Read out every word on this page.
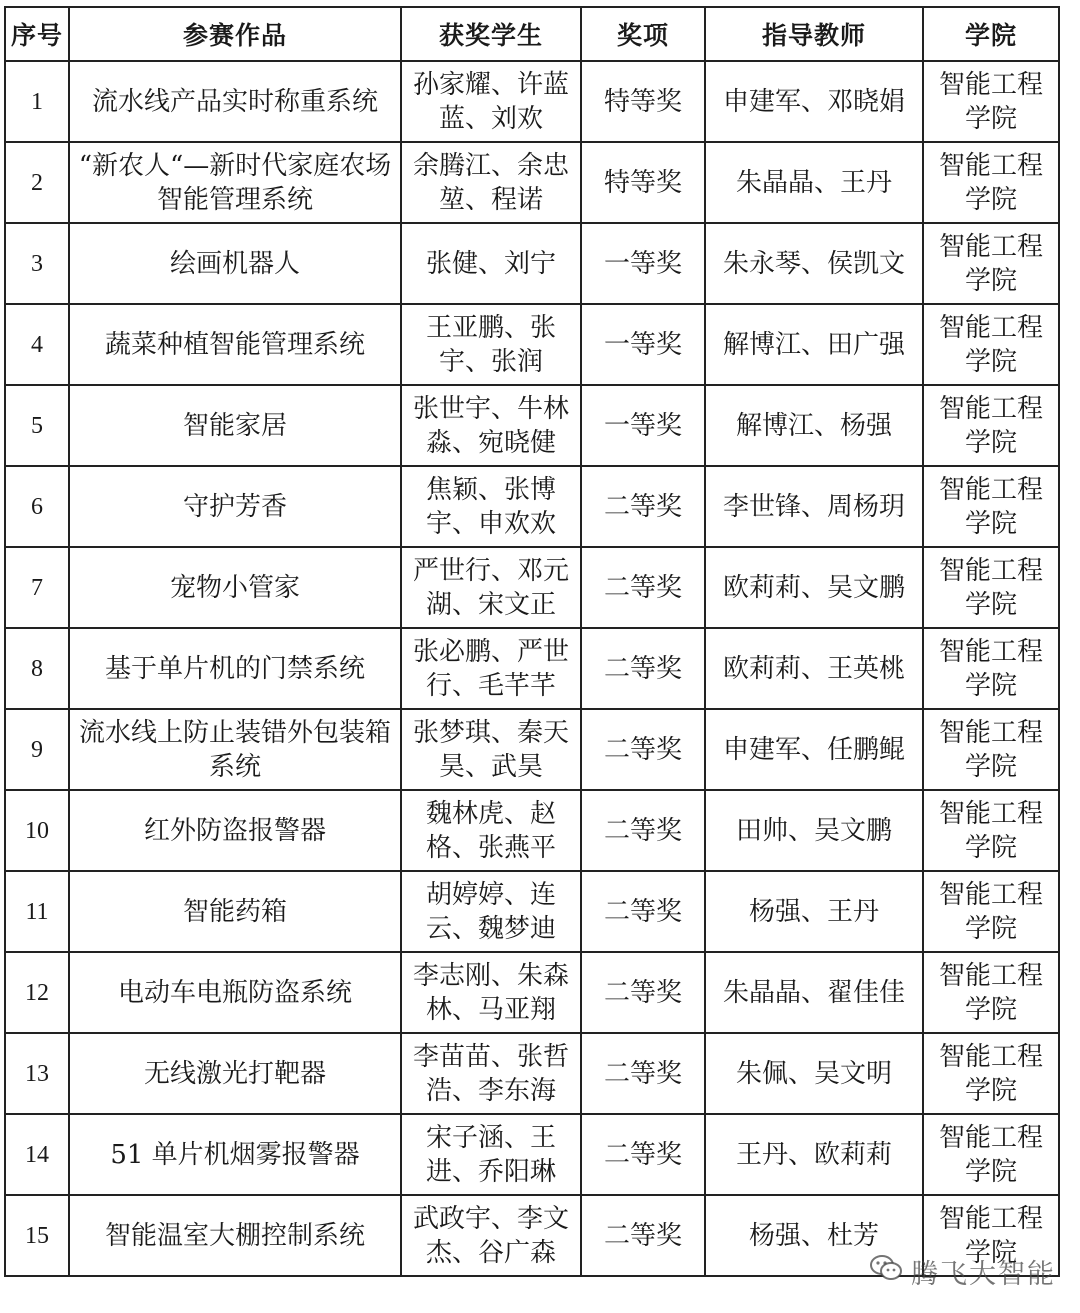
序号	参赛作品	获奖学生	奖项	指导教师	学院
1	流水线产品实时称重系统	孙家耀、许蓝蓝、刘欢	特等奖	申建军、邓晓娟	智能工程学院
2	“新农人“—新时代家庭农场智能管理系统	余腾江、余忠堃、程诺	特等奖	朱晶晶、王丹	智能工程学院
3	绘画机器人	张健、刘宁	一等奖	朱永琴、侯凯文	智能工程学院
4	蔬菜种植智能管理系统	王亚鹏、张宇、张润	一等奖	解博江、田广强	智能工程学院
5	智能家居	张世宇、牛林淼、宛晓健	一等奖	解博江、杨强	智能工程学院
6	守护芳香	焦颖、张博宇、申欢欢	二等奖	李世锋、周杨玥	智能工程学院
7	宠物小管家	严世行、邓元湖、宋文正	二等奖	欧莉莉、吴文鹏	智能工程学院
8	基于单片机的门禁系统	张必鹏、严世行、毛芊芊	二等奖	欧莉莉、王英桃	智能工程学院
9	流水线上防止装错外包装箱系统	张梦琪、秦天昊、武昊	二等奖	申建军、任鹏鲲	智能工程学院
10	红外防盗报警器	魏林虎、赵格、张燕平	二等奖	田帅、吴文鹏	智能工程学院
11	智能药箱	胡婷婷、连云、魏梦迪	二等奖	杨强、王丹	智能工程学院
12	电动车电瓶防盗系统	李志刚、朱森林、马亚翔	二等奖	朱晶晶、翟佳佳	智能工程学院
13	无线激光打靶器	李苗苗、张哲浩、李东海	二等奖	朱佩、吴文明	智能工程学院
14	51 单片机烟雾报警器	宋子涵、王进、乔阳琳	二等奖	王丹、欧莉莉	智能工程学院
15	智能温室大棚控制系统	武政宇、李文杰、谷广森	二等奖	杨强、杜芳	智能工程学院
腾飞大智能
